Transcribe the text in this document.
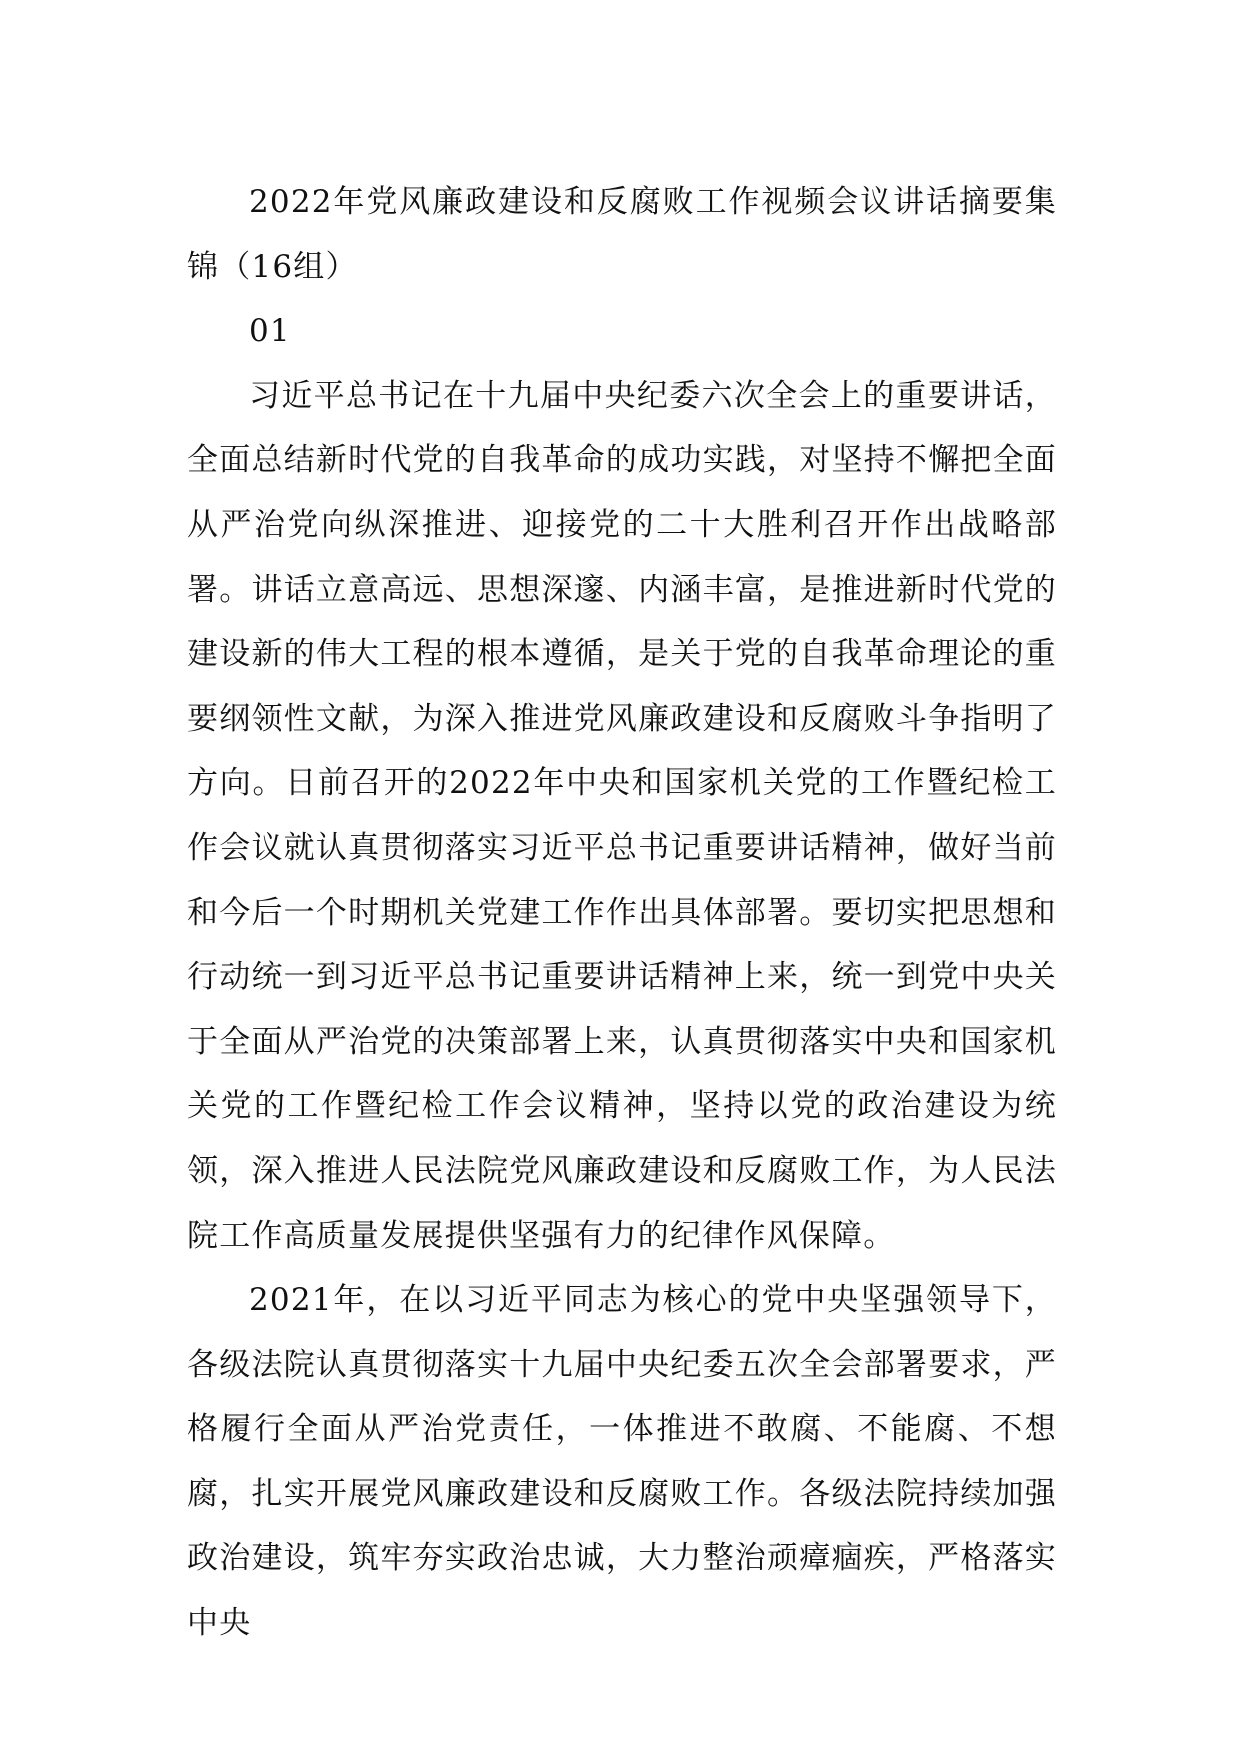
2022年党风廉政建设和反腐败工作视频会议讲话摘要集锦（16组）

01

习近平总书记在十九届中央纪委六次全会上的重要讲话，全面总结新时代党的自我革命的成功实践，对坚持不懈把全面从严治党向纵深推进、迎接党的二十大胜利召开作出战略部署。讲话立意高远、思想深邃、内涵丰富，是推进新时代党的建设新的伟大工程的根本遵循，是关于党的自我革命理论的重要纲领性文献，为深入推进党风廉政建设和反腐败斗争指明了方向。日前召开的2022年中央和国家机关党的工作暨纪检工作会议就认真贯彻落实习近平总书记重要讲话精神，做好当前和今后一个时期机关党建工作作出具体部署。要切实把思想和行动统一到习近平总书记重要讲话精神上来，统一到党中央关于全面从严治党的决策部署上来，认真贯彻落实中央和国家机关党的工作暨纪检工作会议精神，坚持以党的政治建设为统领，深入推进人民法院党风廉政建设和反腐败工作，为人民法院工作高质量发展提供坚强有力的纪律作风保障。

2021年，在以习近平同志为核心的党中央坚强领导下，各级法院认真贯彻落实十九届中央纪委五次全会部署要求，严格履行全面从严治党责任，一体推进不敢腐、不能腐、不想腐，扎实开展党风廉政建设和反腐败工作。各级法院持续加强政治建设，筑牢夯实政治忠诚，大力整治顽瘴痼疾，严格落实中央
